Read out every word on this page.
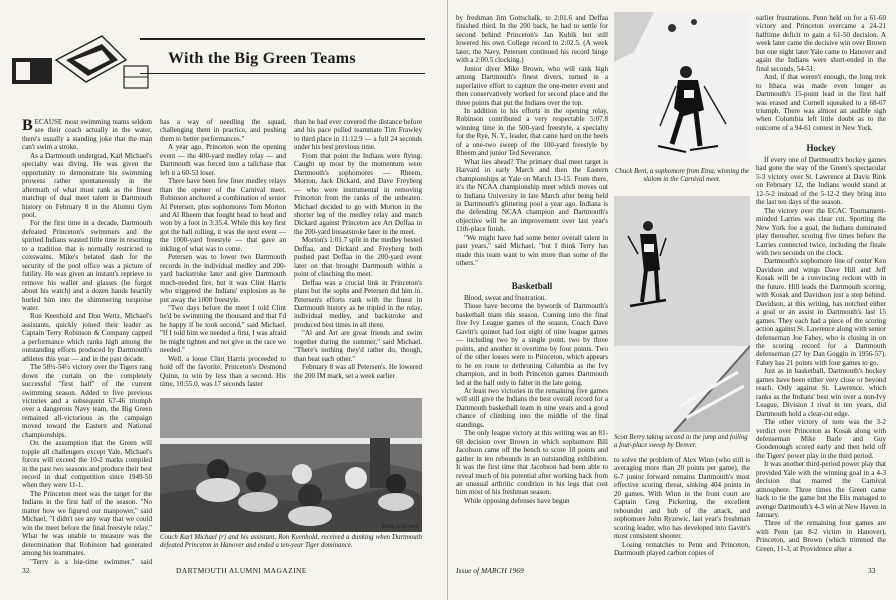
With the Big Green Teams

BECAUSE most swimming teams seldom see their coach actually in the water, there's usually a standing joke that the man can't swim a stroke.

As a Dartmouth undergrad, Karl Michael's specialty was diving. He was given the opportunity to demonstrate his swimming prowess rather spontaneously in the aftermath of what must rank as the finest matchup of dual meet talent in Dartmouth history on February 8 in the Alumni Gym pool.

For the first time in a decade, Dartmouth defeated Princeton's swimmers and the spirited Indians wasted little time in resorting to a tradition that is normally restricted to coxswains. Mike's belated dash for the security of the pool office was a picture of futility. He was given an instant's reprieve to remove his wallet and glasses (he forgot about his watch) and a dozen hands heartily hurled him into the shimmering turquoise water.

Ron Keenhold and Don Wertz, Michael's assistants, quickly joined their leader as Captain Terry Robinson & Company capped a performance which ranks high among the outstanding efforts produced by Dartmouth's athletes this year — and in the past decade.

The 58½-54½ victory over the Tigers rang down the curtain on the completely successful "first half" of the current swimming season. Added to five previous victories and a subsequent 67-46 triumph over a dangerous Navy team, the Big Green remained all-victorious as the campaign moved toward the Eastern and National championships.

On the assumption that the Green will topple all challengers except Yale, Michael's forces will exceed the 10-2 marks compiled in the past two seasons and produce their best record in dual competition since 1949-50 when they were 11-1.

The Princeton meet was the target for the Indians in the first half of the season. "No matter how we figured our manpower," said Michael, "I didn't see any way that we could win the meet before the final freestyle relay." What he was unable to measure was the determination that Robinson had generated among his teammates.

"Terry is a big-time swimmer," said

has a way of needling the squad, challenging them in practice, and pushing them to better performances."

A year ago, Princeton won the opening event — the 400-yard medley relay — and Dartmouth was forced into a tailchase that left it a 60-53 loser.

There have been few finer medley relays than the opener of the Carnival meet. Robinson anchored a combination of senior Al Petersen, plus sophomores Tom Morton and Al Rheem that fought head to head and won by a foot in 3:35.4. While this key first got the ball rolling, it was the next event — the 1000-yard freestyle — that gave an inkling of what was to come.

Petersen was to lower two Dartmouth records in the individual medley and 200-yard backstroke later and give Dartmouth much-needed fire, but it was Clint Harris who triggered the Indians' explosion as he put away the 1000 freestyle.

"Two days before the meet I told Clint he'd be swimming the thousand and that I'd be happy if he took second," said Michael. "If I told him we needed a first, I was afraid he might tighten and not give us the race we needed."

Well, a loose Clint Harris proceeded to hold off the favorite, Princeton's Desmond Quinn, to win by less than a second. His time, 10:55.0, was 17 seconds faster

than he had ever covered the distance before and his pace pulled teammate Tim Frawley to third place in 11:12.9 — a full 24 seconds under his best previous time.

From that point the Indians were flying. Caught up most by the momentum were Dartmouth's sophomores — Rheem, Morton, Jack Dickard, and Dave Freyberg — who were instrumental in removing Princeton from the ranks of the unbeaten. Michael decided to go with Morton in the shorter leg of the medley relay and match Dickard against Princeton ace Art Deffaa in the 200-yard breaststroke later in the meet.

Morton's 1:01.7 split in the medley bested Deffaa, and Dickard and Freyberg both pushed past Deffaa in the 200-yard event later on that brought Dartmouth within a point of clinching the meet.

Deffaa was a crucial link in Princeton's plans but the sophs and Petersen did him in. Petersen's efforts rank with the finest in Dartmouth history as he tripled in the relay, individual medley, and backstroke and produced best times in all three.

"Al and Art are great friends and swim together during the summer," said Michael. "There's nothing they'd rather do, though, than beat each other."

February 8 was all Petersen's. He lowered the 200 IM mark, set a week earlier

Marc Jelicover
Couch Karl Michael (r) and his assistant, Ron Keenhold, received a dunking when Dartmouth defeated Princeton in Hanover and ended a ten-year Tiger dominance.
32	DARTMOUTH ALUMNI MAGAZINE

by freshman Jim Gottschalk, to 2:01.6 and Deffaa finished third. In the 200 back, he had to settle for second behind Princeton's Jan Kubik but still lowered his own College record to 2:02.5. (A week later, the Navy, Petersen continued his record binge with a 2:00.5 clocking.)

Junior diver Mike Brown, who will rank high among Dartmouth's finest divers, turned in a superlative effort to capture the one-meter event and then conservatively worked for second place and the three points that put the Indians over the top.

In addition to his efforts in the opening relay, Robinson contributed a very respectable 5:07.8 winning time in the 500-yard freestyle, a specialty for the Rye, N. Y., leader, that came hard on the heels of a one-two sweep of the 100-yard freestyle by Rheem and junior Ted Severance.

What lies ahead? The primary dual meet target is Harvard in early March and then the Eastern championships at Yale on March 13-15. From there, it's the NCAA championship meet which moves out to Indiana University in late March after being held in Dartmouth's glittering pool a year ago. Indiana is the defending NCAA champion and Dartmouth's objective will be an improvement over last year's 11th-place finish.

"We might have had some better overall talent in past years," said Michael, "but I think Terry has made this team want to win more than some of the others."

Basketball

Blood, sweat and frustration.

Those have become the bywords of Dartmouth's basketball team this season. Coming into the final five Ivy League games of the season, Coach Dave Gavitt's quintet had lost eight of nine league games — including two by a single point, two by three points, and another in overtime by four points. Two of the other losses were to Princeton, which appears to be en route to dethroning Columbia as the Ivy champion, and in both Princeton games Dartmouth led at the half only to falter in the late going.

At least two victories in the remaining five games will still give the Indians the best overall record for a Dartmouth basketball team in nine years and a good chance of climbing into the middle of the final standings.

The only league victory at this writing was an 81-68 decision over Brown in which sophomore Bill Jacobson came off the bench to score 18 points and gather in ten rebounds in an outstanding exhibition. It was the first time that Jacobson had been able to reveal much of his potential after working back from an unusual arthritic condition in his legs that cost him most of his freshman season.

While opposing defenses have begun

Chuck Bent, a sophomore from Etna, winning the slalom in the Carnival meet.
Scott Berry taking second in the jump and foiling a four-place sweep by Denver.

to solve the problem of Alex Winn (who still is averaging more than 20 points per game), the 6-7 junior forward remains Dartmouth's most effective scoring threat, sinking 404 points in 20 games. With Winn in the front court are Captain Greg Pickering, the excellent rebounder and hub of the attack, and sophomore John Ryzewic, last year's freshman scoring leader, who has developed into Gavitt's most consistent shooter.

Losing rematches to Penn and Princeton, Dartmouth played carbon copies of

earlier frustrations. Penn held on for a 61-60 victory and Princeton overcame a 24-21 halftime deficit to gain a 61-50 decision. A week later came the decisive win over Brown but one night later Yale came to Hanover and again the Indians were short-ended in the final seconds, 54-51.

And, if that weren't enough, the long trek to Ithaca was made even longer as Dartmouth's 15-point lead in the first half was erased and Cornell squeaked to a 68-67 triumph. There was almost an audible sigh when Columbia left little doubt as to the outcome of a 94-61 contest in New York.

Hockey

If every one of Dartmouth's hockey games had gone the way of the Green's spectacular 5-3 victory over St. Lawrence at Davis Rink on February 12, the Indians would stand at 12-5-2 instead of the 5-12-2 they bring into the last ten days of the season.

The victory over the ECAC Tournament-minded Larries was clear cut. Sporting the New York foe a goal, the Indians dominated play thereafter, scoring five times before the Larries connected twice, including the finale with two seconds on the clock.

Dartmouth's sophomore line of center Ken Davidson and wings Dave Hill and Jeff Kosak will be a convincing reckon with in the future. Hill leads the Dartmouth scoring, with Kosak and Davidson just a step behind. Davidson, at this writing, has notched either a goal or an assist in Dartmouth's last 15 games. They each had a piece of the scoring action against St. Lawrence along with senior defenseman Joe Fahey, who is closing in on the scoring record for a Dartmouth defenseman (27 by Dan Goggin in 1956-57). Fahey has 21 points with four games to go.

Just as in basketball, Dartmouth's hockey games have been either very close or beyond reach. Only against St. Lawrence, which ranks as the Indians' best win over a non-Ivy League, Division I rival in ten years, did Dartmouth hold a clear-cut edge.

The other victory of note was the 3-2 verdict over Princeton as Kosak along with defenseman Mike Barle and Guy Goodenough scored early and then held off the Tigers' power play in the third period.

It was another third-period power play that provided Yale with the winning goal in a 4-3 decision that marred the Carnival atmosphere. Three times the Green came back to tie the game but the Elis managed to avenge Dartmouth's 4-3 win at New Haven in January.

Three of the remaining four games are with Penn (an 8-2 victim in Hanover), Princeton, and Brown (which trimmed the Green, 11-3, at Providence after a

Issue of MARCH 1969	33
